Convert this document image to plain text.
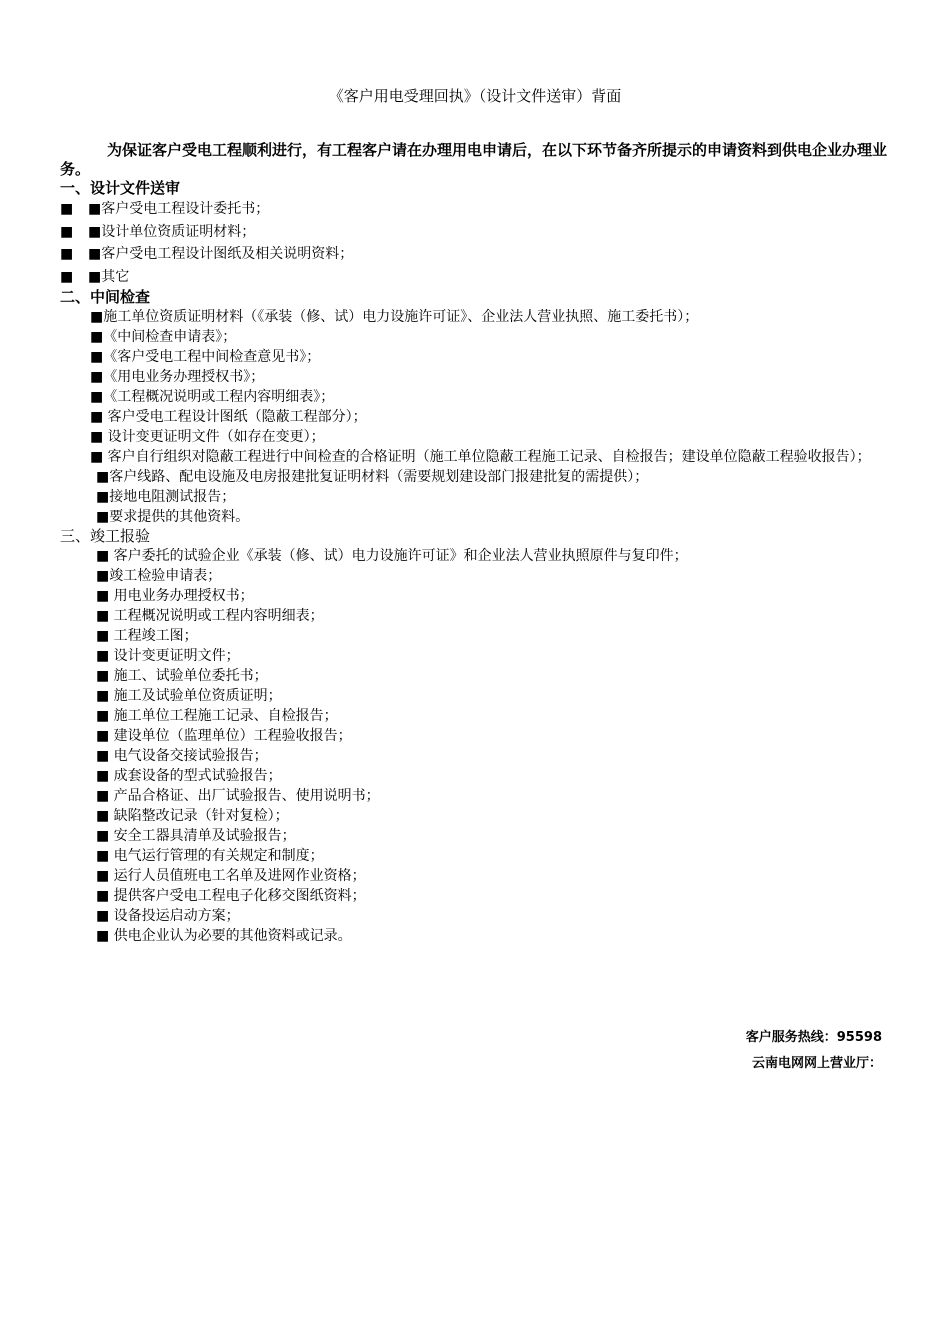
《客户用电受理回执》（设计文件送审）背面
为保证客户受电工程顺利进行，有工程客户请在办理用电申请后，在以下环节备齐所提示的申请资料到供电企业办理业务。
一、设计文件送审
■ ■客户受电工程设计委托书；
■ ■设计单位资质证明材料；
■ ■客户受电工程设计图纸及相关说明资料；
■ ■其它
二、中间检查
■施工单位资质证明材料（《承装（修、试）电力设施许可证》、企业法人营业执照、施工委托书）；
■《中间检查申请表》；
■《客户受电工程中间检查意见书》；
■《用电业务办理授权书》；
■《工程概况说明或工程内容明细表》；
■ 客户受电工程设计图纸（隐蔽工程部分）；
■ 设计变更证明文件（如存在变更）；
■ 客户自行组织对隐蔽工程进行中间检查的合格证明（施工单位隐蔽工程施工记录、自检报告；建设单位隐蔽工程验收报告）；
■客户线路、配电设施及电房报建批复证明材料（需要规划建设部门报建批复的需提供）；
■接地电阻测试报告；
■要求提供的其他资料。
三、竣工报验
■ 客户委托的试验企业《承装（修、试）电力设施许可证》和企业法人营业执照原件与复印件；
■竣工检验申请表；
■ 用电业务办理授权书；
■ 工程概况说明或工程内容明细表；
■ 工程竣工图；
■ 设计变更证明文件；
■ 施工、试验单位委托书；
■ 施工及试验单位资质证明；
■ 施工单位工程施工记录、自检报告；
■ 建设单位（监理单位）工程验收报告；
■ 电气设备交接试验报告；
■ 成套设备的型式试验报告；
■ 产品合格证、出厂试验报告、使用说明书；
■ 缺陷整改记录（针对复检）；
■ 安全工器具清单及试验报告；
■ 电气运行管理的有关规定和制度；
■ 运行人员值班电工名单及进网作业资格；
■ 提供客户受电工程电子化移交图纸资料；
■ 设备投运启动方案；
■ 供电企业认为必要的其他资料或记录。
客户服务热线：95598
云南电网网上营业厅：
